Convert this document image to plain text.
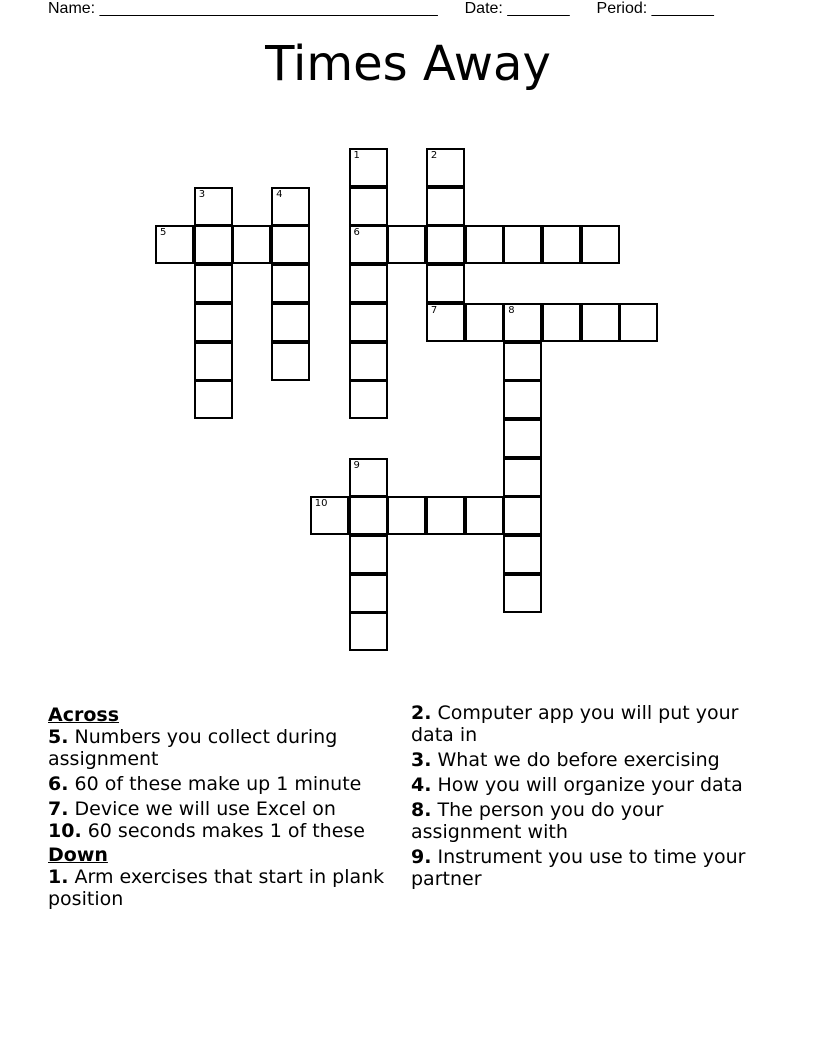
Name: ______________________________________ Date: _______ Period: _______
Times Away
1
6
2
7
3	4
5
8
9
10
Across
5. Numbers you collect during assignment
6. 60 of these make up 1 minute
7. Device we will use Excel on
10. 60 seconds makes 1 of these
Down
1. Arm exercises that start in plank position
2. Computer app you will put your data in
3. What we do before exercising
4. How you will organize your data
8. The person you do your assignment with
9. Instrument you use to time your partner
